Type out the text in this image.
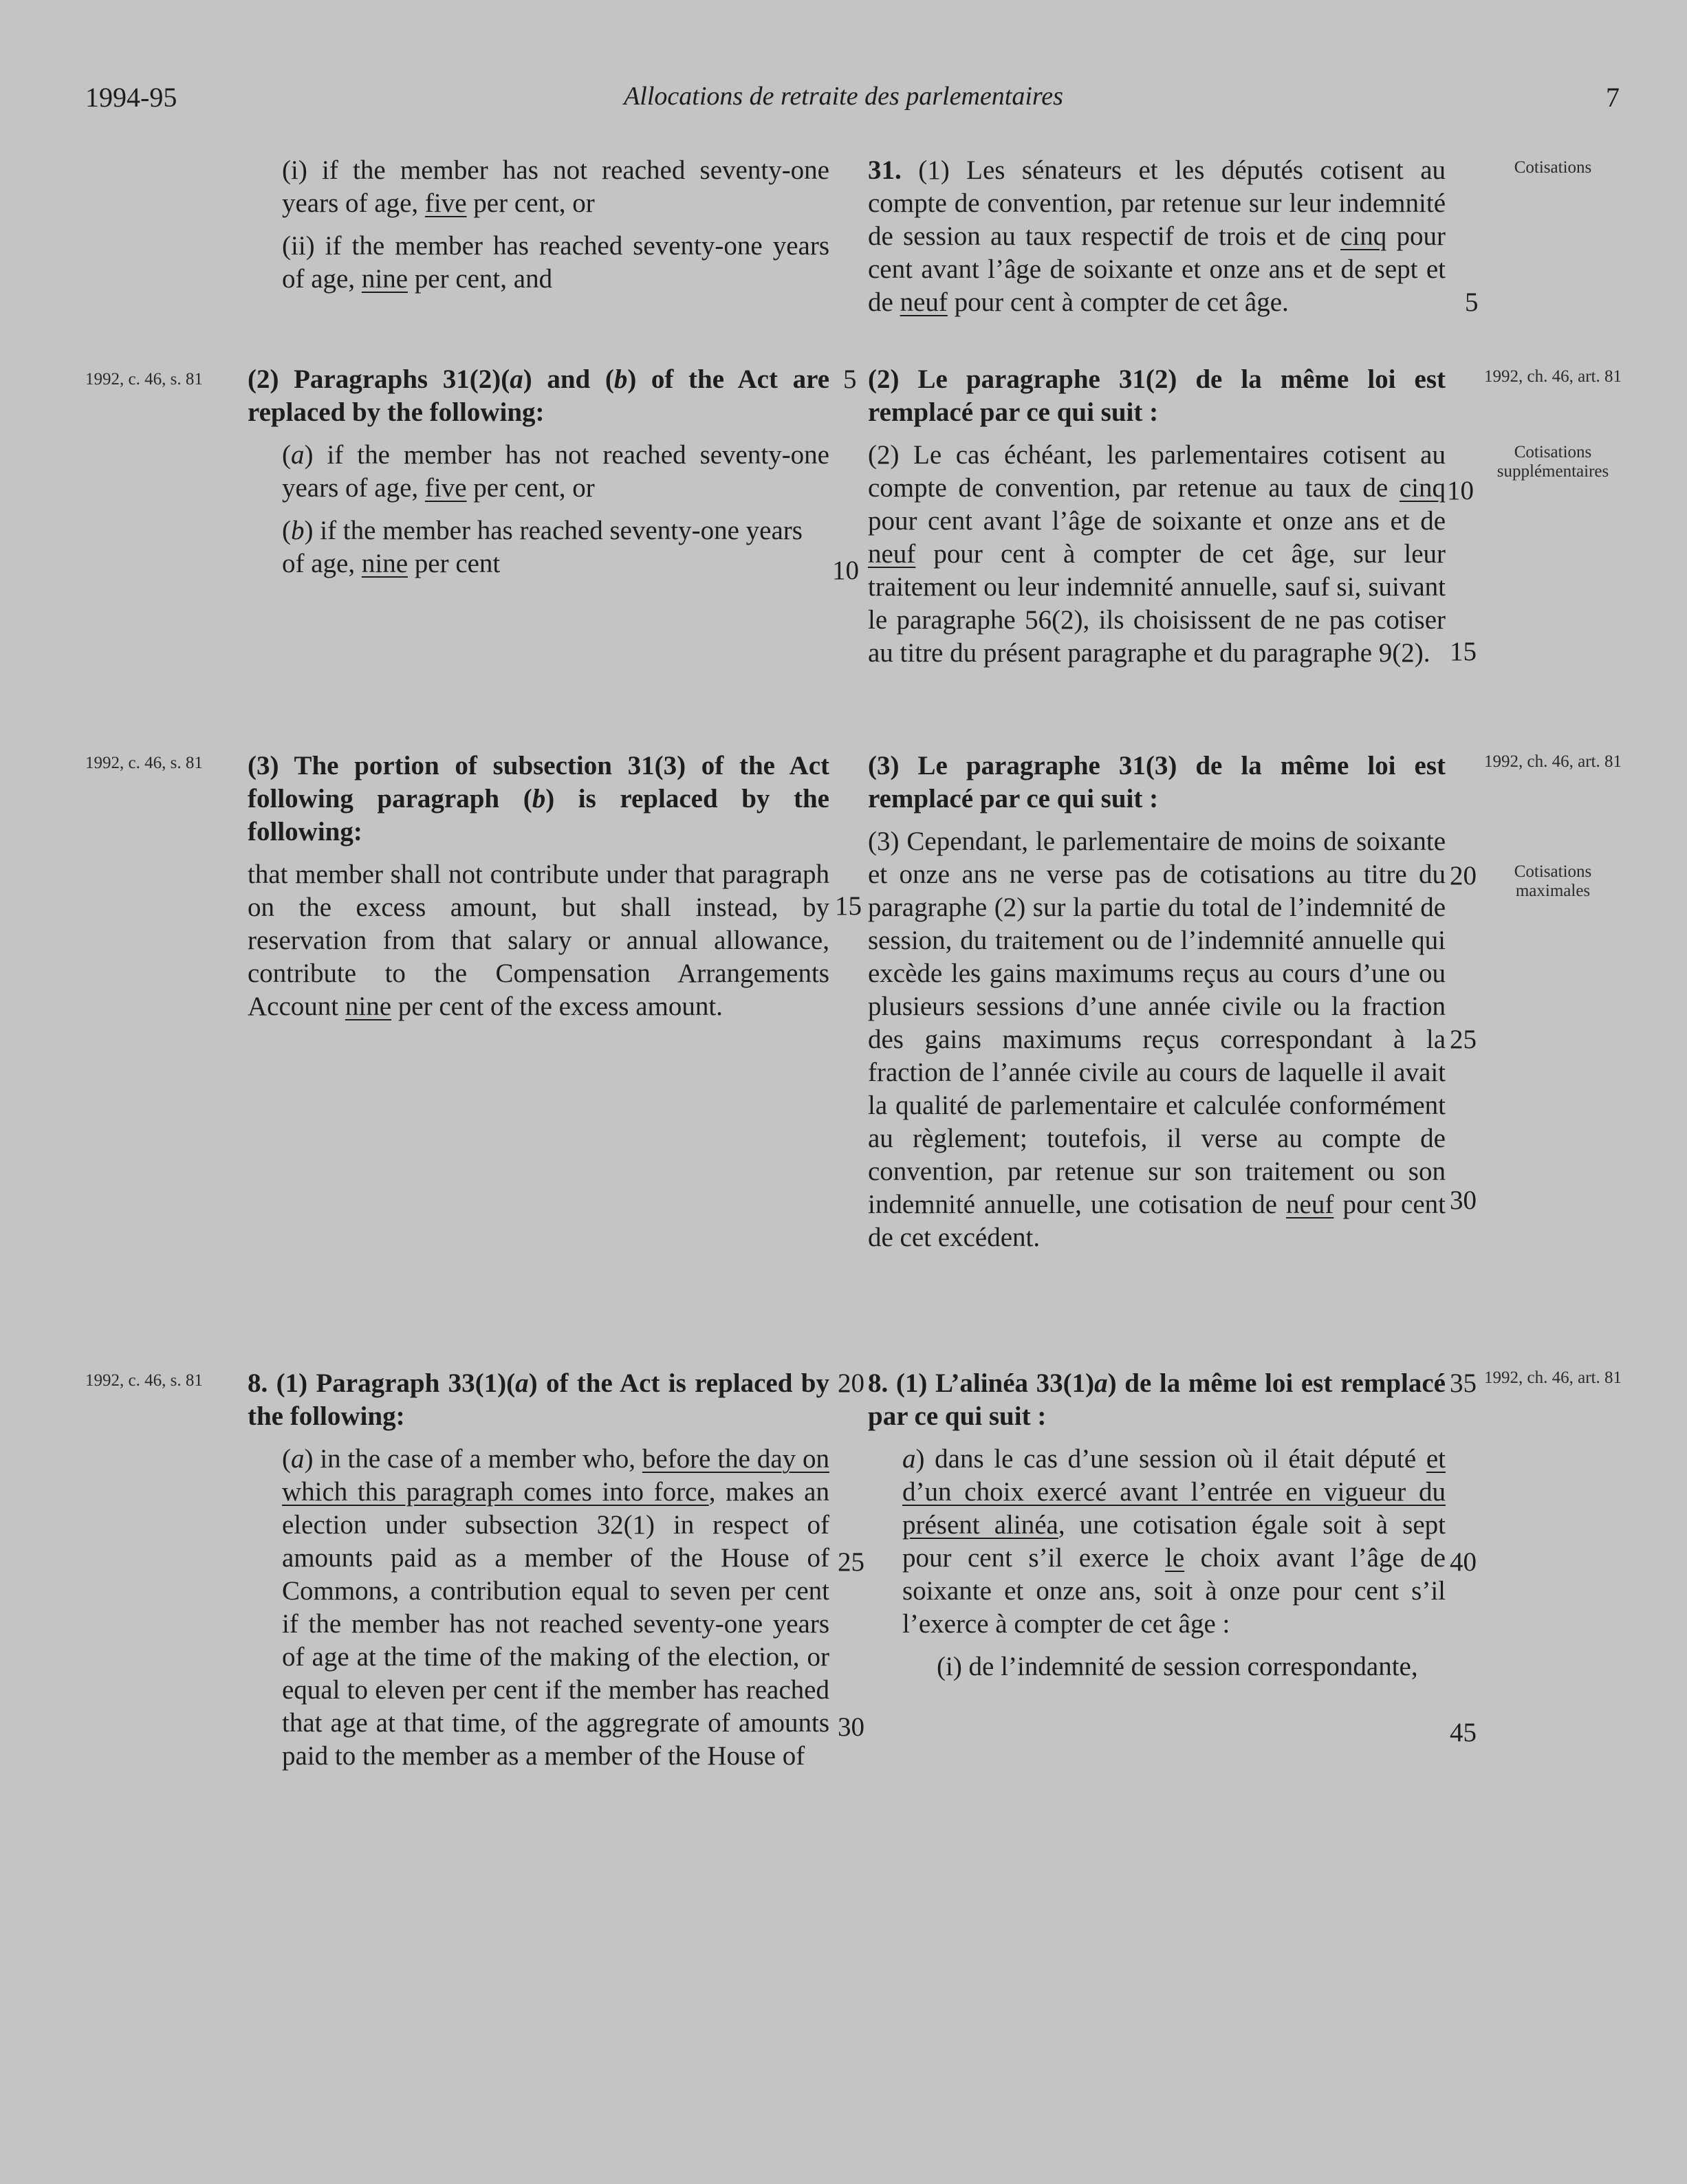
1994-95	Allocations de retraite des parlementaires	7

(i) if the member has not reached seventy-one years of age, five per cent, or

(ii) if the member has reached seventy-one years of age, nine per cent, and

(2) Paragraphs 31(2)(a) and (b) of the Act are replaced by the following:

(a) if the member has not reached seventy-one years of age, five per cent, or

(b) if the member has reached seventy-one years of age, nine per cent

(3) The portion of subsection 31(3) of the Act following paragraph (b) is replaced by the following:

that member shall not contribute under that paragraph on the excess amount, but shall instead, by reservation from that salary or annual allowance, contribute to the Compensation Arrangements Account nine per cent of the excess amount.

8. (1) Paragraph 33(1)(a) of the Act is replaced by the following:

(a) in the case of a member who, before the day on which this paragraph comes into force, makes an election under subsection 32(1) in respect of amounts paid as a member of the House of Commons, a contribution equal to seven per cent if the member has not reached seventy-one years of age at the time of the making of the election, or equal to eleven per cent if the member has reached that age at that time, of the aggregrate of amounts paid to the member as a member of the House of

31. (1) Les sénateurs et les députés cotisent au compte de convention, par retenue sur leur indemnité de session au taux respectif de trois et de cinq pour cent avant l’âge de soixante et onze ans et de sept et de neuf pour cent à compter de cet âge.

(2) Le paragraphe 31(2) de la même loi est remplacé par ce qui suit :

(2) Le cas échéant, les parlementaires cotisent au compte de convention, par retenue au taux de cinq pour cent avant l’âge de soixante et onze ans et de neuf pour cent à compter de cet âge, sur leur traitement ou leur indemnité annuelle, sauf si, suivant le paragraphe 56(2), ils choisissent de ne pas cotiser au titre du présent paragraphe et du paragraphe 9(2).

(3) Le paragraphe 31(3) de la même loi est remplacé par ce qui suit :

(3) Cependant, le parlementaire de moins de soixante et onze ans ne verse pas de cotisations au titre du paragraphe (2) sur la partie du total de l’indemnité de session, du traitement ou de l’indemnité annuelle qui excède les gains maximums reçus au cours d’une ou plusieurs sessions d’une année civile ou la fraction des gains maximums reçus correspondant à la fraction de l’année civile au cours de laquelle il avait la qualité de parlementaire et calculée conformément au règlement; toutefois, il verse au compte de convention, par retenue sur son traitement ou son indemnité annuelle, une cotisation de neuf pour cent de cet excédent.

8. (1) L’alinéa 33(1)a) de la même loi est remplacé par ce qui suit :

a) dans le cas d’une session où il était député et d’un choix exercé avant l’entrée en vigueur du présent alinéa, une cotisation égale soit à sept pour cent s’il exerce le choix avant l’âge de soixante et onze ans, soit à onze pour cent s’il l’exerce à compter de cet âge :

(i) de l’indemnité de session correspondante,

1992, c. 46, s. 81
1992, c. 46, s. 81
1992, c. 46, s. 81
Cotisations
1992, ch. 46, art. 81
Cotisations supplémentaires
1992, ch. 46, art. 81
Cotisations maximales
1992, ch. 46, art. 81
5
5
10
10
15
15
20
25
30
20	35
25	40
30	45
